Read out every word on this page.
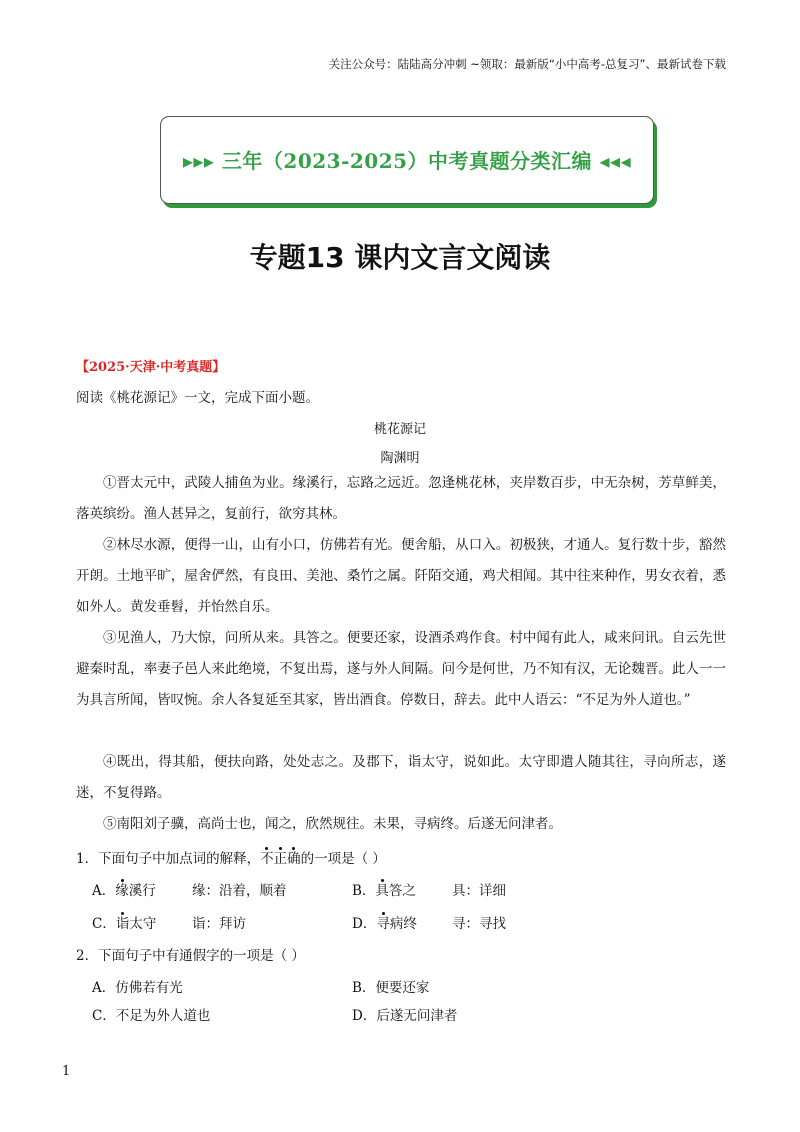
关注公众号：陆陆高分冲刺 ~领取：最新版“小中高考-总复习”、最新试卷下载
▸▸▸ 三年（2023-2025）中考真题分类汇编 ◂◂◂
专题13 课内文言文阅读
【2025·天津·中考真题】
阅读《桃花源记》一文，完成下面小题。
桃花源记
陶渊明

①晋太元中，武陵人捕鱼为业。缘溪行，忘路之远近。忽逢桃花林，夹岸数百步，中无杂树，芳草鲜美，落英缤纷。渔人甚异之，复前行，欲穷其林。

②林尽水源，便得一山，山有小口，仿佛若有光。便舍船，从口入。初极狭，才通人。复行数十步，豁然开朗。土地平旷，屋舍俨然，有良田、美池、桑竹之属。阡陌交通，鸡犬相闻。其中往来种作，男女衣着，悉如外人。黄发垂髫，并怡然自乐。

③见渔人，乃大惊，问所从来。具答之。便要还家，设酒杀鸡作食。村中闻有此人，咸来问讯。自云先世避秦时乱，率妻子邑人来此绝境，不复出焉，遂与外人间隔。问今是何世，乃不知有汉，无论魏晋。此人一一为具言所闻，皆叹惋。余人各复延至其家，皆出酒食。停数日，辞去。此中人语云：“不足为外人道也。”

④既出，得其船，便扶向路，处处志之。及郡下，诣太守，说如此。太守即遣人随其往，寻向所志，遂迷，不复得路。

⑤南阳刘子骥，高尚士也，闻之，欣然规往。未果，寻病终。后遂无问津者。

1．下面句子中加点词的解释，不正确的一项是（ ）
A．缘溪行	缘：沿着，顺着	B．具答之	具：详细
C．诣太守	诣：拜访	D．寻病终	寻：寻找
2．下面句子中有通假字的一项是（ ）
A．仿佛若有光	B．便要还家
C．不足为外人道也	D．后遂无问津者
1
